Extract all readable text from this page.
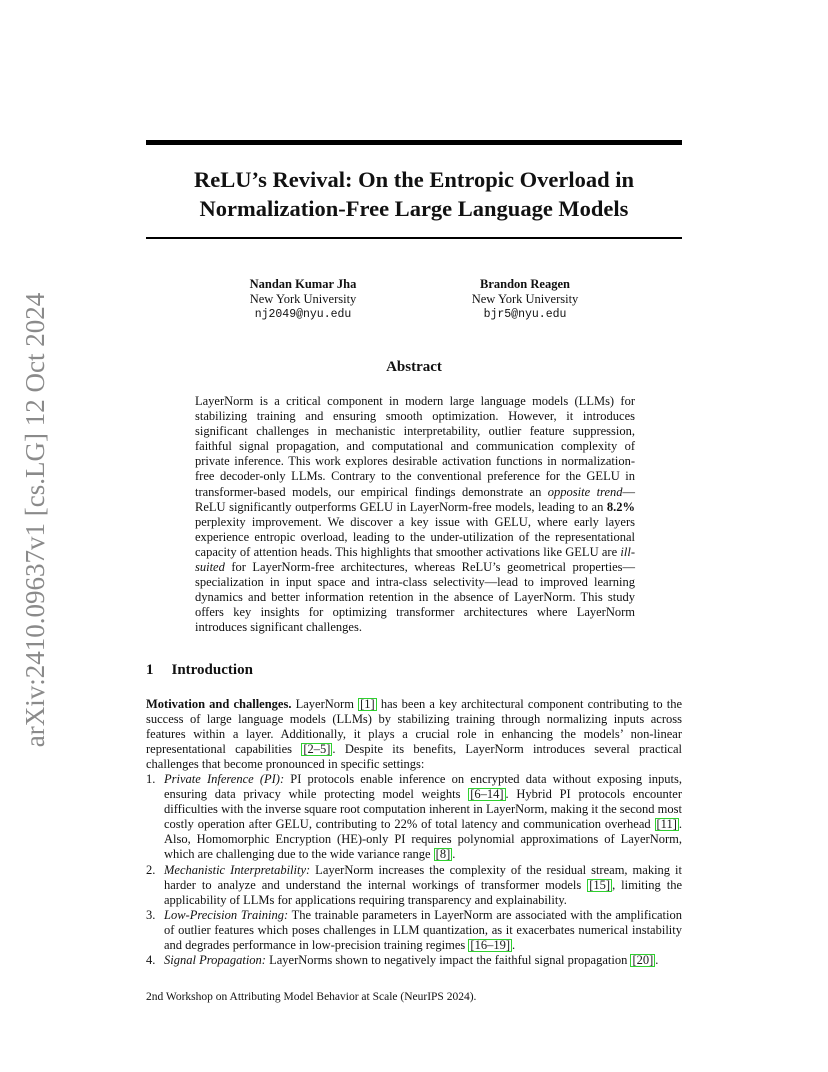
arXiv:2410.09637v1 [cs.LG] 12 Oct 2024
ReLU’s Revival: On the Entropic Overload in
Normalization-Free Large Language Models
Nandan Kumar Jha
New York University
nj2049@nyu.edu
Brandon Reagen
New York University
bjr5@nyu.edu
Abstract

LayerNorm is a critical component in modern large language models (LLMs) for stabilizing training and ensuring smooth optimization. However, it introduces significant challenges in mechanistic interpretability, outlier feature suppression, faithful signal propagation, and computational and communication complexity of private inference. This work explores desirable activation functions in normalization-free decoder-only LLMs. Contrary to the conventional preference for the GELU in transformer-based models, our empirical findings demonstrate an opposite trend—ReLU significantly outperforms GELU in LayerNorm-free models, leading to an 8.2% perplexity improvement. We discover a key issue with GELU, where early layers experience entropic overload, leading to the under-utilization of the representational capacity of attention heads. This highlights that smoother activations like GELU are ill-suited for LayerNorm-free architectures, whereas ReLU’s geometrical properties—specialization in input space and intra-class selectivity—lead to improved learning dynamics and better information retention in the absence of LayerNorm. This study offers key insights for optimizing transformer architectures where LayerNorm introduces significant challenges.

1 Introduction

Motivation and challenges. LayerNorm [1] has been a key architectural component contributing to the success of large language models (LLMs) by stabilizing training through normalizing inputs across features within a layer. Additionally, it plays a crucial role in enhancing the models’ non-linear representational capabilities [2–5] . Despite its benefits, LayerNorm introduces several practical challenges that become pronounced in specific settings:

1. Private Inference (PI): PI protocols enable inference on encrypted data without exposing inputs, ensuring data privacy while protecting model weights [6–14] . Hybrid PI protocols encounter difficulties with the inverse square root computation inherent in LayerNorm, making it the second most costly operation after GELU, contributing to 22% of total latency and communication overhead [11] . Also, Homomorphic Encryption (HE)-only PI requires polynomial approximations of LayerNorm, which are challenging due to the wide variance range [8] .
2. Mechanistic Interpretability: LayerNorm increases the complexity of the residual stream, making it harder to analyze and understand the internal workings of transformer models [15] , limiting the applicability of LLMs for applications requiring transparency and explainability.
3. Low-Precision Training: The trainable parameters in LayerNorm are associated with the amplification of outlier features which poses challenges in LLM quantization, as it exacerbates numerical instability and degrades performance in low-precision training regimes [16–19] .
4. Signal Propagation: LayerNorms shown to negatively impact the faithful signal propagation [20] .
2nd Workshop on Attributing Model Behavior at Scale (NeurIPS 2024).
